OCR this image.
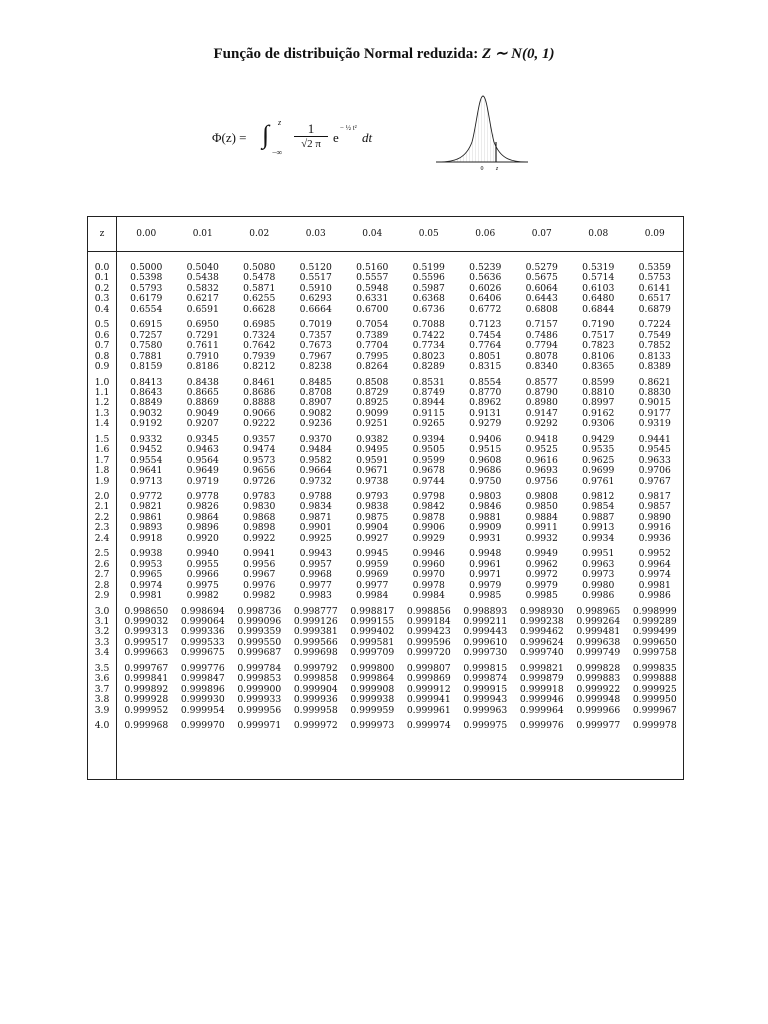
Função de distribuição Normal reduzida: Z ∼ N(0, 1)
Φ(z) = ∫ z
−∞
1
√2 π e
− ½ t²
dt
0 z
z	0.00	0.01	0.02	0.03	0.04	0.05	0.06	0.07	0.08	0.09
0.0	0.5000	0.5040	0.5080	0.5120	0.5160	0.5199	0.5239	0.5279	0.5319	0.5359
0.1	0.5398	0.5438	0.5478	0.5517	0.5557	0.5596	0.5636	0.5675	0.5714	0.5753
0.2	0.5793	0.5832	0.5871	0.5910	0.5948	0.5987	0.6026	0.6064	0.6103	0.6141
0.3	0.6179	0.6217	0.6255	0.6293	0.6331	0.6368	0.6406	0.6443	0.6480	0.6517
0.4	0.6554	0.6591	0.6628	0.6664	0.6700	0.6736	0.6772	0.6808	0.6844	0.6879
0.5	0.6915	0.6950	0.6985	0.7019	0.7054	0.7088	0.7123	0.7157	0.7190	0.7224
0.6	0.7257	0.7291	0.7324	0.7357	0.7389	0.7422	0.7454	0.7486	0.7517	0.7549
0.7	0.7580	0.7611	0.7642	0.7673	0.7704	0.7734	0.7764	0.7794	0.7823	0.7852
0.8	0.7881	0.7910	0.7939	0.7967	0.7995	0.8023	0.8051	0.8078	0.8106	0.8133
0.9	0.8159	0.8186	0.8212	0.8238	0.8264	0.8289	0.8315	0.8340	0.8365	0.8389
1.0	0.8413	0.8438	0.8461	0.8485	0.8508	0.8531	0.8554	0.8577	0.8599	0.8621
1.1	0.8643	0.8665	0.8686	0.8708	0.8729	0.8749	0.8770	0.8790	0.8810	0.8830
1.2	0.8849	0.8869	0.8888	0.8907	0.8925	0.8944	0.8962	0.8980	0.8997	0.9015
1.3	0.9032	0.9049	0.9066	0.9082	0.9099	0.9115	0.9131	0.9147	0.9162	0.9177
1.4	0.9192	0.9207	0.9222	0.9236	0.9251	0.9265	0.9279	0.9292	0.9306	0.9319
1.5	0.9332	0.9345	0.9357	0.9370	0.9382	0.9394	0.9406	0.9418	0.9429	0.9441
1.6	0.9452	0.9463	0.9474	0.9484	0.9495	0.9505	0.9515	0.9525	0.9535	0.9545
1.7	0.9554	0.9564	0.9573	0.9582	0.9591	0.9599	0.9608	0.9616	0.9625	0.9633
1.8	0.9641	0.9649	0.9656	0.9664	0.9671	0.9678	0.9686	0.9693	0.9699	0.9706
1.9	0.9713	0.9719	0.9726	0.9732	0.9738	0.9744	0.9750	0.9756	0.9761	0.9767
2.0	0.9772	0.9778	0.9783	0.9788	0.9793	0.9798	0.9803	0.9808	0.9812	0.9817
2.1	0.9821	0.9826	0.9830	0.9834	0.9838	0.9842	0.9846	0.9850	0.9854	0.9857
2.2	0.9861	0.9864	0.9868	0.9871	0.9875	0.9878	0.9881	0.9884	0.9887	0.9890
2.3	0.9893	0.9896	0.9898	0.9901	0.9904	0.9906	0.9909	0.9911	0.9913	0.9916
2.4	0.9918	0.9920	0.9922	0.9925	0.9927	0.9929	0.9931	0.9932	0.9934	0.9936
2.5	0.9938	0.9940	0.9941	0.9943	0.9945	0.9946	0.9948	0.9949	0.9951	0.9952
2.6	0.9953	0.9955	0.9956	0.9957	0.9959	0.9960	0.9961	0.9962	0.9963	0.9964
2.7	0.9965	0.9966	0.9967	0.9968	0.9969	0.9970	0.9971	0.9972	0.9973	0.9974
2.8	0.9974	0.9975	0.9976	0.9977	0.9977	0.9978	0.9979	0.9979	0.9980	0.9981
2.9	0.9981	0.9982	0.9982	0.9983	0.9984	0.9984	0.9985	0.9985	0.9986	0.9986
3.0	0.998650	0.998694	0.998736	0.998777	0.998817	0.998856	0.998893	0.998930	0.998965	0.998999
3.1	0.999032	0.999064	0.999096	0.999126	0.999155	0.999184	0.999211	0.999238	0.999264	0.999289
3.2	0.999313	0.999336	0.999359	0.999381	0.999402	0.999423	0.999443	0.999462	0.999481	0.999499
3.3	0.999517	0.999533	0.999550	0.999566	0.999581	0.999596	0.999610	0.999624	0.999638	0.999650
3.4	0.999663	0.999675	0.999687	0.999698	0.999709	0.999720	0.999730	0.999740	0.999749	0.999758
3.5	0.999767	0.999776	0.999784	0.999792	0.999800	0.999807	0.999815	0.999821	0.999828	0.999835
3.6	0.999841	0.999847	0.999853	0.999858	0.999864	0.999869	0.999874	0.999879	0.999883	0.999888
3.7	0.999892	0.999896	0.999900	0.999904	0.999908	0.999912	0.999915	0.999918	0.999922	0.999925
3.8	0.999928	0.999930	0.999933	0.999936	0.999938	0.999941	0.999943	0.999946	0.999948	0.999950
3.9	0.999952	0.999954	0.999956	0.999958	0.999959	0.999961	0.999963	0.999964	0.999966	0.999967
4.0	0.999968	0.999970	0.999971	0.999972	0.999973	0.999974	0.999975	0.999976	0.999977	0.999978
